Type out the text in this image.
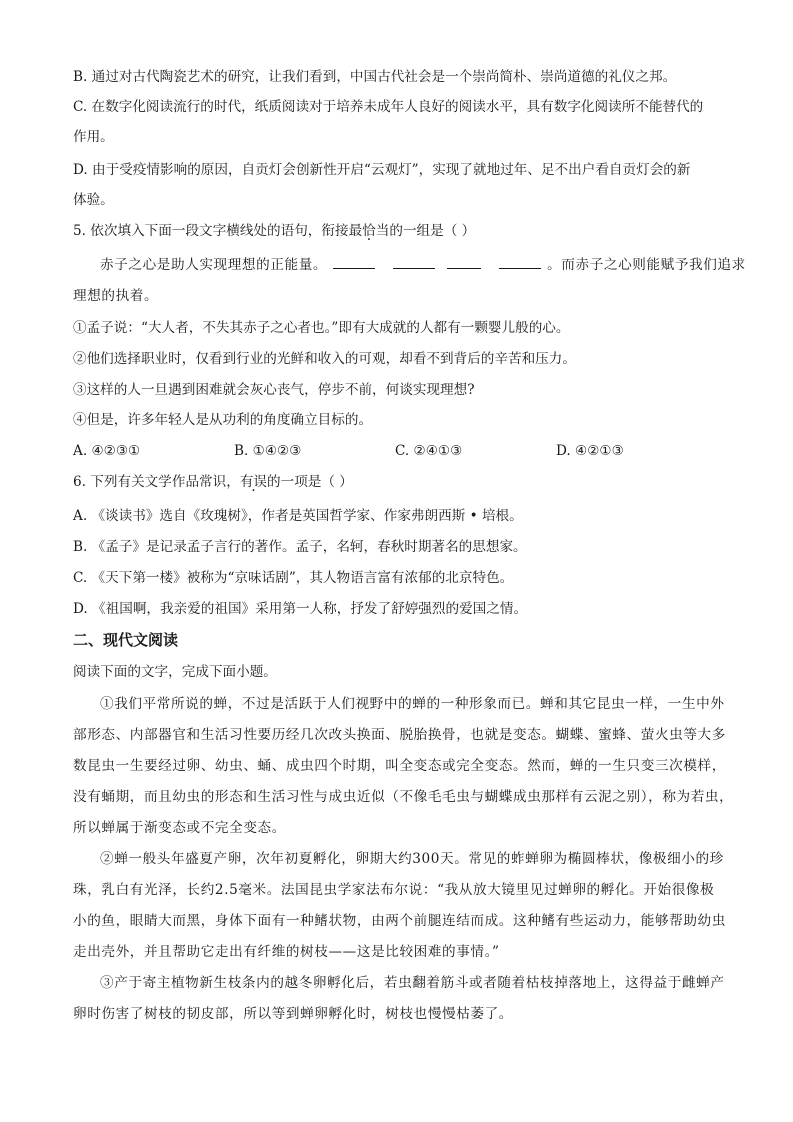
B. 通过对古代陶瓷艺术的研究，让我们看到，中国古代社会是一个崇尚简朴、崇尚道德的礼仪之邦。
C. 在数字化阅读流行的时代，纸质阅读对于培养未成年人良好的阅读水平，具有数字化阅读所不能替代的
作用。
D. 由于受疫情影响的原因，自贡灯会创新性开启“云观灯”，实现了就地过年、足不出户看自贡灯会的新
体验。
5. 依次填入下面一段文字横线处的语句，衔接最恰当的一组是（ ）
赤子之心是助人实现理想的正能量。	。而赤子之心则能赋予我们追求
理想的执着。
①孟子说：“大人者，不失其赤子之心者也。”即有大成就的人都有一颗婴儿般的心。
②他们选择职业时，仅看到行业的光鲜和收入的可观，却看不到背后的辛苦和压力。
③这样的人一旦遇到困难就会灰心丧气，停步不前，何谈实现理想?
④但是，许多年轻人是从功利的角度确立目标的。
A. ④②③①	B. ①④②③	C. ②④①③	D. ④②①③
6. 下列有关文学作品常识，有误的一项是（ ）
A. 《谈读书》选自《玫瑰树》，作者是英国哲学家、作家弗朗西斯 • 培根。
B. 《孟子》是记录孟子言行的著作。孟子，名轲，春秋时期著名的思想家。
C. 《天下第一楼》被称为“京味话剧”，其人物语言富有浓郁的北京特色。
D. 《祖国啊，我亲爱的祖国》采用第一人称，抒发了舒婷强烈的爱国之情。
二、现代文阅读
阅读下面的文字，完成下面小题。
①我们平常所说的蝉，不过是活跃于人们视野中的蝉的一种形象而已。蝉和其它昆虫一样，一生中外
部形态、内部器官和生活习性要历经几次改头换面、脱胎换骨，也就是变态。蝴蝶、蜜蜂、萤火虫等大多
数昆虫一生要经过卵、幼虫、蛹、成虫四个时期，叫全变态或完全变态。然而，蝉的一生只变三次模样，
没有蛹期，而且幼虫的形态和生活习性与成虫近似（不像毛毛虫与蝴蝶成虫那样有云泥之别），称为若虫，
所以蝉属于渐变态或不完全变态。
②蝉一般头年盛夏产卵，次年初夏孵化，卵期大约300天。常见的蚱蝉卵为椭圆棒状，像极细小的珍
珠，乳白有光泽，长约2.5毫米。法国昆虫学家法布尔说：“我从放大镜里见过蝉卵的孵化。开始很像极
小的鱼，眼睛大而黑，身体下面有一种鳍状物，由两个前腿连结而成。这种鳍有些运动力，能够帮助幼虫
走出壳外，并且帮助它走出有纤维的树枝——这是比较困难的事情。”
③产于寄主植物新生枝条内的越冬卵孵化后，若虫翻着筋斗或者随着枯枝掉落地上，这得益于雌蝉产
卵时伤害了树枝的韧皮部，所以等到蝉卵孵化时，树枝也慢慢枯萎了。
